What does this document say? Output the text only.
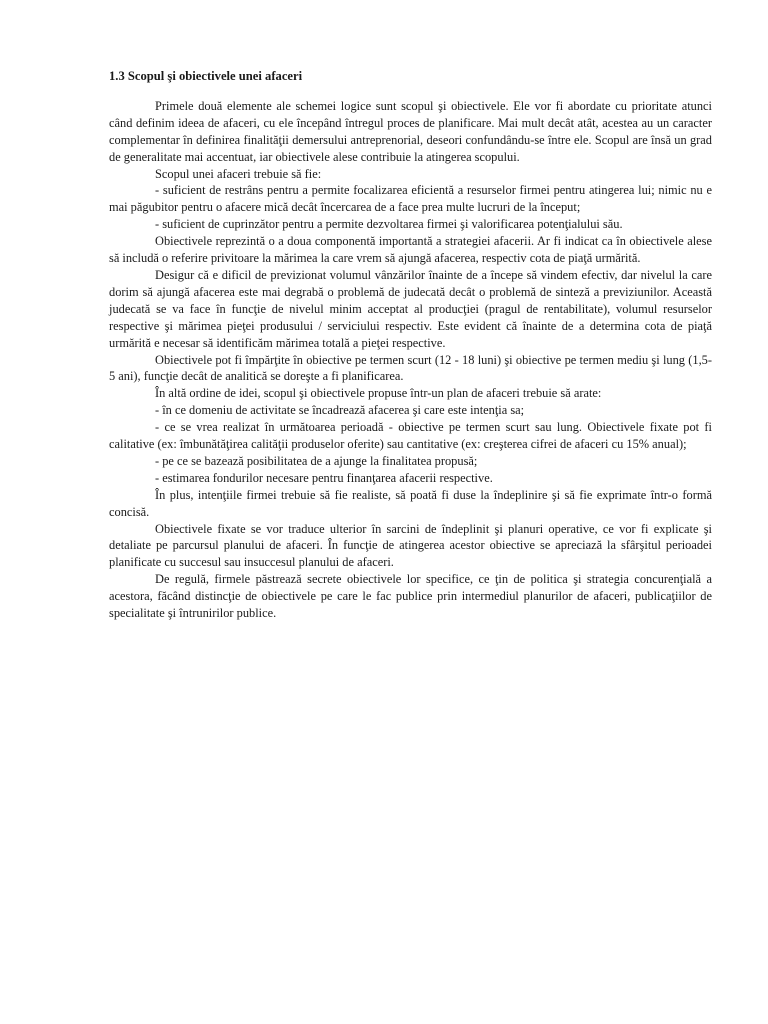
1.3 Scopul şi obiectivele unei afaceri

Primele două elemente ale schemei logice sunt scopul şi obiectivele. Ele vor fi abordate cu prioritate atunci când definim ideea de afaceri, cu ele începând întregul proces de planificare. Mai mult decât atât, acestea au un caracter complementar în definirea finalităţii demersului antreprenorial, deseori confundându-se între ele. Scopul are însă un grad de generalitate mai accentuat, iar obiectivele alese contribuie la atingerea scopului.

Scopul unei afaceri trebuie să fie:

- suficient de restrâns pentru a permite focalizarea eficientă a resurselor firmei pentru atingerea lui; nimic nu e mai păgubitor pentru o afacere mică decât încercarea de a face prea multe lucruri de la început;

- suficient de cuprinzător pentru a permite dezvoltarea firmei şi valorificarea potenţialului său.

Obiectivele reprezintă o a doua componentă importantă a strategiei afacerii. Ar fi indicat ca în obiectivele alese să includă o referire privitoare la mărimea la care vrem să ajungă afacerea, respectiv cota de piaţă urmărită.

Desigur că e dificil de previzionat volumul vânzărilor înainte de a începe să vindem efectiv, dar nivelul la care dorim să ajungă afacerea este mai degrabă o problemă de judecată decât o problemă de sinteză a previziunilor. Această judecată se va face în funcţie de nivelul minim acceptat al producţiei (pragul de rentabilitate), volumul resurselor respective şi mărimea pieţei produsului / serviciului respectiv. Este evident că înainte de a determina cota de piaţă urmărită e necesar să identificăm mărimea totală a pieţei respective.

Obiectivele pot fi împărţite în obiective pe termen scurt (12 - 18 luni) şi obiective pe termen mediu şi lung (1,5-5 ani), funcţie decât de analitică se doreşte a fi planificarea.

În altă ordine de idei, scopul şi obiectivele propuse într-un plan de afaceri trebuie să arate:

- în ce domeniu de activitate se încadrează afacerea şi care este intenţia sa;

- ce se vrea realizat în următoarea perioadă - obiective pe termen scurt sau lung. Obiectivele fixate pot fi calitative (ex: îmbunătăţirea calităţii produselor oferite) sau cantitative (ex: creşterea cifrei de afaceri cu 15% anual);

- pe ce se bazează posibilitatea de a ajunge la finalitatea propusă;

- estimarea fondurilor necesare pentru finanţarea afacerii respective.

În plus, intenţiile firmei trebuie să fie realiste, să poată fi duse la îndeplinire şi să fie exprimate într-o formă concisă.

Obiectivele fixate se vor traduce ulterior în sarcini de îndeplinit şi planuri operative, ce vor fi explicate şi detaliate pe parcursul planului de afaceri. În funcţie de atingerea acestor obiective se apreciază la sfârşitul perioadei planificate cu succesul sau insuccesul planului de afaceri.

De regulă, firmele păstrează secrete obiectivele lor specifice, ce ţin de politica şi strategia concurenţială a acestora, făcând distincţie de obiectivele pe care le fac publice prin intermediul planurilor de afaceri, publicaţiilor de specialitate şi întrunirilor publice.
